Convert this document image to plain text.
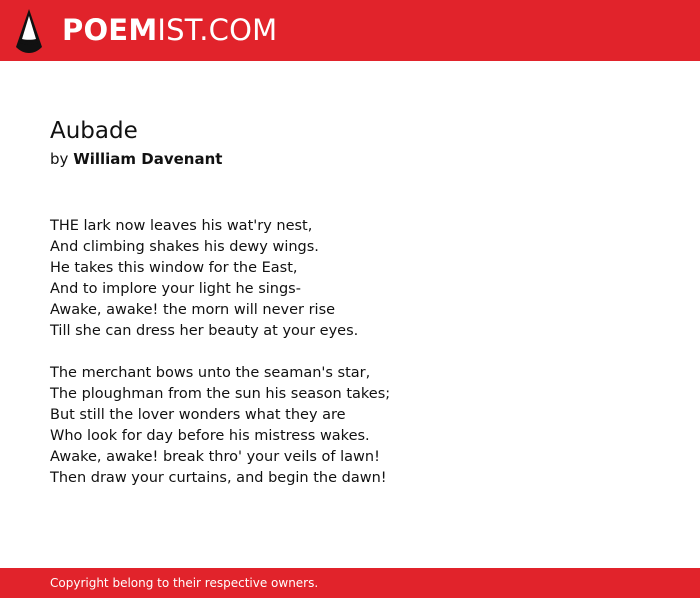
POEMIST.COM
Aubade
by William Davenant
THE lark now leaves his wat'ry nest,
And climbing shakes his dewy wings.
He takes this window for the East,
And to implore your light he sings-
Awake, awake! the morn will never rise
Till she can dress her beauty at your eyes.
The merchant bows unto the seaman's star,
The ploughman from the sun his season takes;
But still the lover wonders what they are
Who look for day before his mistress wakes.
Awake, awake! break thro' your veils of lawn!
Then draw your curtains, and begin the dawn!
Copyright belong to their respective owners.
